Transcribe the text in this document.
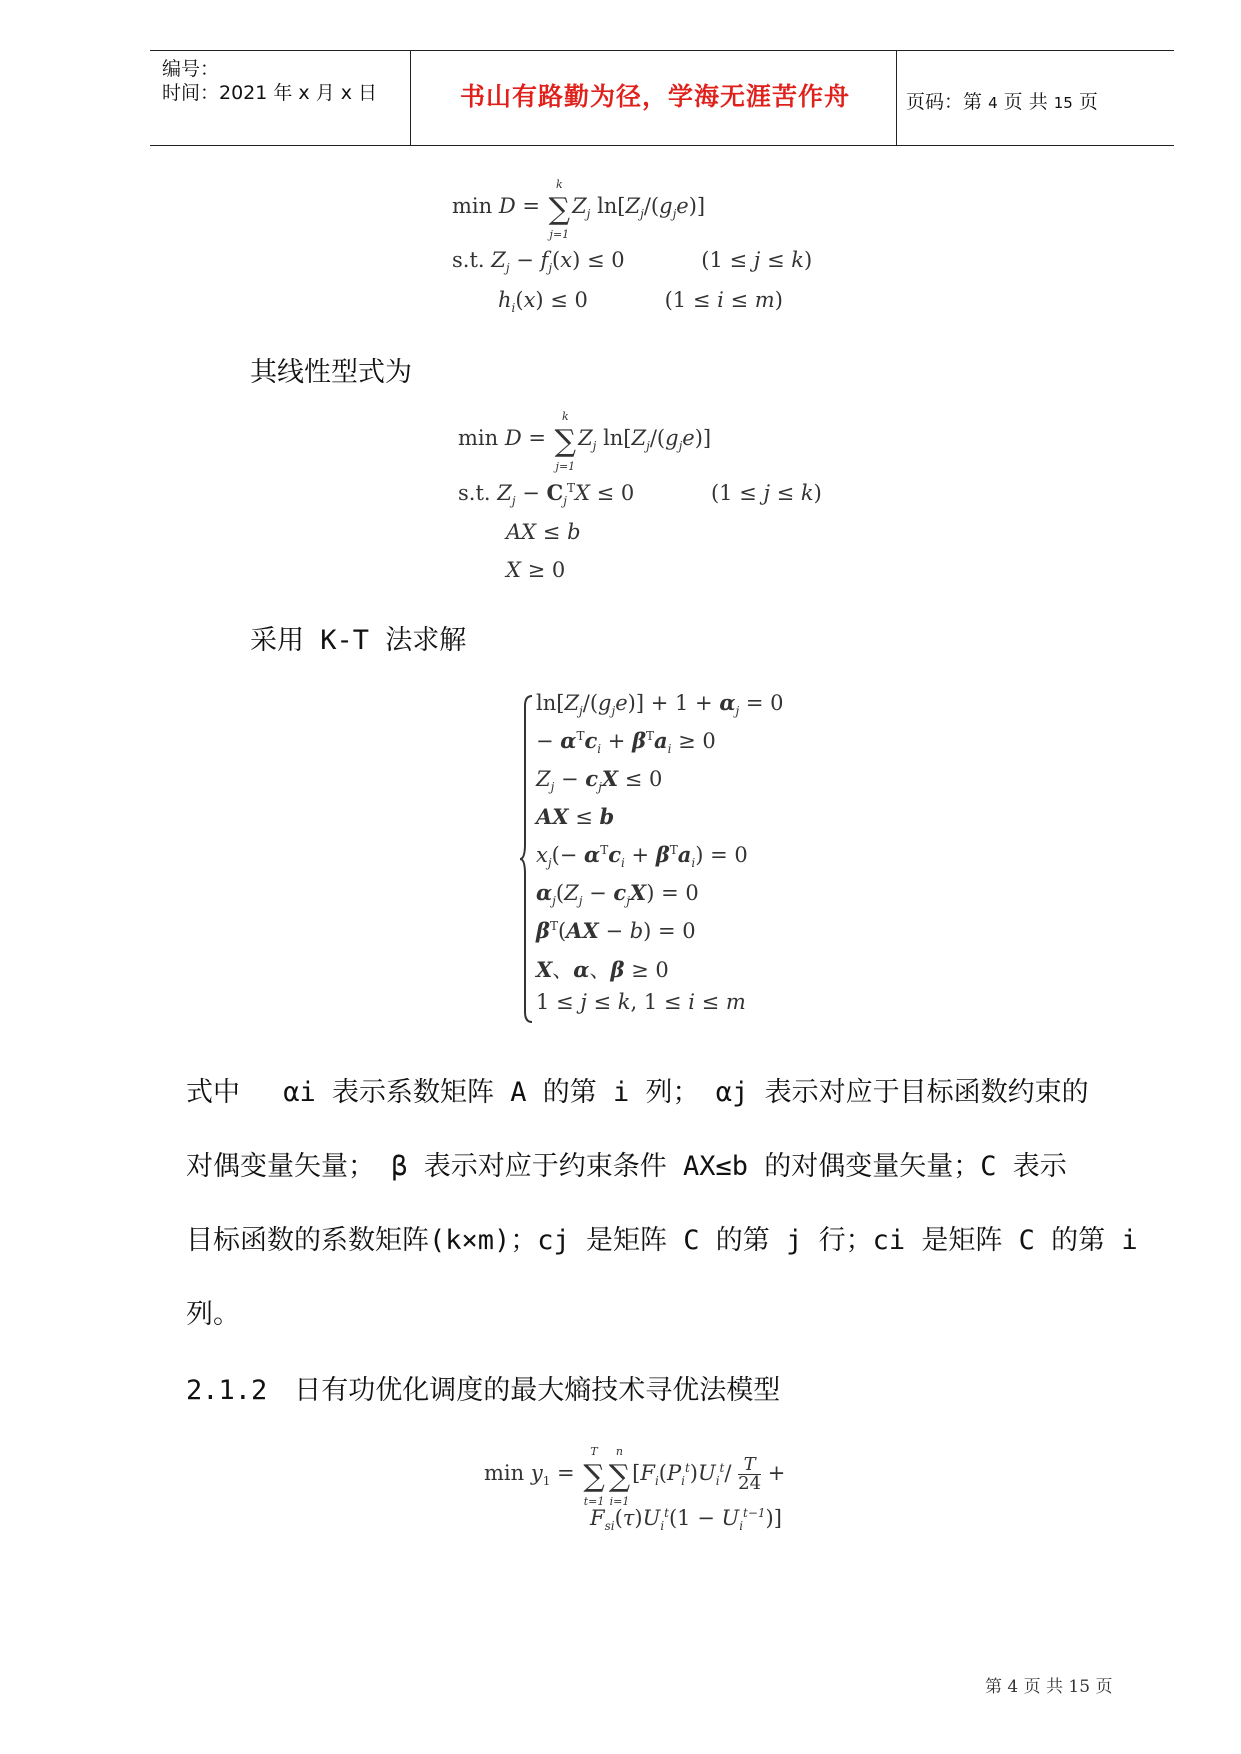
编号：
时间：2021 年 x 月 x 日	书山有路勤为径，学海无涯苦作舟	页码：第 4 页 共 15 页
min D = ∑
k
j=1
$Z_j$ $\ln[Z_j/(g_je)]$
s.t. $Z_j - f_j(x) \le 0$	(1 ≤ j ≤ k)
$h_i(x) \le 0$	(1 ≤ i ≤ m)
其线性型式为
min D = ∑
k
j=1
$Z_j$ $\ln[Z_j/(g_je)]$
s.t. $Z_j - C_j^TX \le 0$	(1 ≤ j ≤ k)
AX ≤ b
X ≥ 0
采用 K-T 法求解
$\ln[Z_j/(g_je)] + 1 + \alpha_j = 0$
− $\alpha^Tc_i + \beta^Ta_i \ge 0$
$Z_j - c_jX \le 0$
AX ≤ b
$x_j(- \alpha^Tc_i + \beta^Ta_i) = 0$
$\alpha_j(Z_j - c_jX) = 0$
$\beta^T(AX - b) = 0$
X、α、β ≥ 0
1 ≤ j ≤ k, 1 ≤ i ≤ m
式中　 αi 表示系数矩阵 A 的第 i 列； αj 表示对应于目标函数约束的
对偶变量矢量； β 表示对应于约束条件 AX≤b 的对偶变量矢量；C 表示
目标函数的系数矩阵(k×m)；cj 是矩阵 C 的第 j 行；ci 是矩阵 C 的第 i
列。
2.1.2　日有功优化调度的最大熵技术寻优法模型
$\min y_1$ = ∑
T
t=1
∑
n
i=1
[$F_i(P_i^t)U_i^t/ \frac{T}{24}$ +
$F_{si}(\tau)U_i^t(1 - U_i^{t-1})$]
第 4 页 共 15 页
